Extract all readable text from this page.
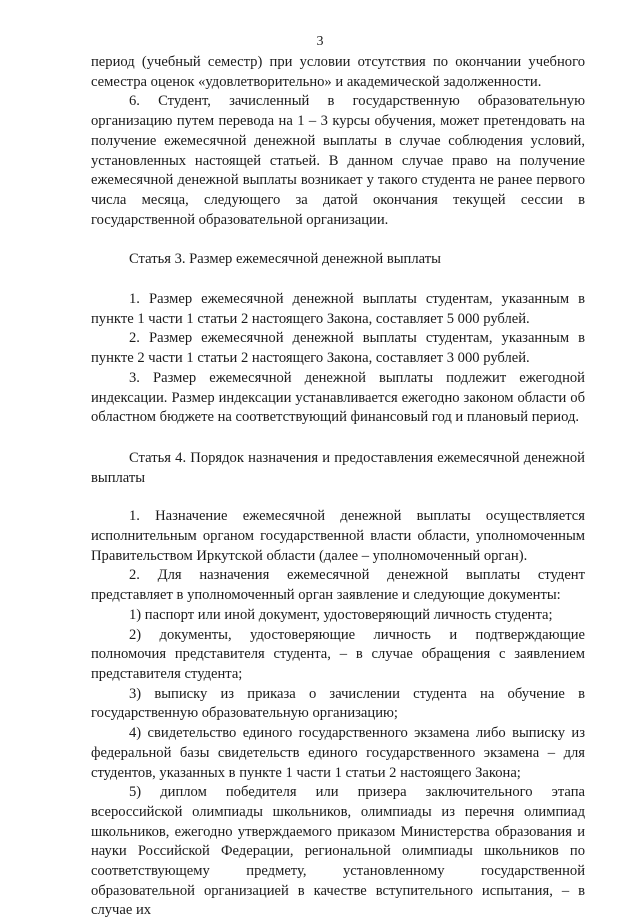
3

период (учебный семестр) при условии отсутствия по окончании учебного семестра оценок «удовлетворительно» и академической задолженности.

6. Студент, зачисленный в государственную образовательную организацию путем перевода на 1 – 3 курсы обучения, может претендовать на получение ежемесячной денежной выплаты в случае соблюдения условий, установленных настоящей статьей. В данном случае право на получение ежемесячной денежной выплаты возникает у такого студента не ранее первого числа месяца, следующего за датой окончания текущей сессии в государственной образовательной организации.

Статья 3. Размер ежемесячной денежной выплаты

1. Размер ежемесячной денежной выплаты студентам, указанным в пункте 1 части 1 статьи 2 настоящего Закона, составляет 5 000 рублей.

2. Размер ежемесячной денежной выплаты студентам, указанным в пункте 2 части 1 статьи 2 настоящего Закона, составляет 3 000 рублей.

3. Размер ежемесячной денежной выплаты подлежит ежегодной индексации. Размер индексации устанавливается ежегодно законом области об областном бюджете на соответствующий финансовый год и плановый период.

Статья 4. Порядок назначения и предоставления ежемесячной денежной выплаты

1. Назначение ежемесячной денежной выплаты осуществляется исполнительным органом государственной власти области, уполномоченным Правительством Иркутской области (далее – уполномоченный орган).

2. Для назначения ежемесячной денежной выплаты студент представляет в уполномоченный орган заявление и следующие документы:

1) паспорт или иной документ, удостоверяющий личность студента;

2) документы, удостоверяющие личность и подтверждающие полномочия представителя студента, – в случае обращения с заявлением представителя студента;

3) выписку из приказа о зачислении студента на обучение в государственную образовательную организацию;

4) свидетельство единого государственного экзамена либо выписку из федеральной базы свидетельств единого государственного экзамена – для студентов, указанных в пункте 1 части 1 статьи 2 настоящего Закона;

5) диплом победителя или призера заключительного этапа всероссийской олимпиады школьников, олимпиады из перечня олимпиад школьников, ежегодно утверждаемого приказом Министерства образования и науки Российской Федерации, региональной олимпиады школьников по соответствующему предмету, установленному государственной образовательной организацией в качестве вступительного испытания, – в случае их
